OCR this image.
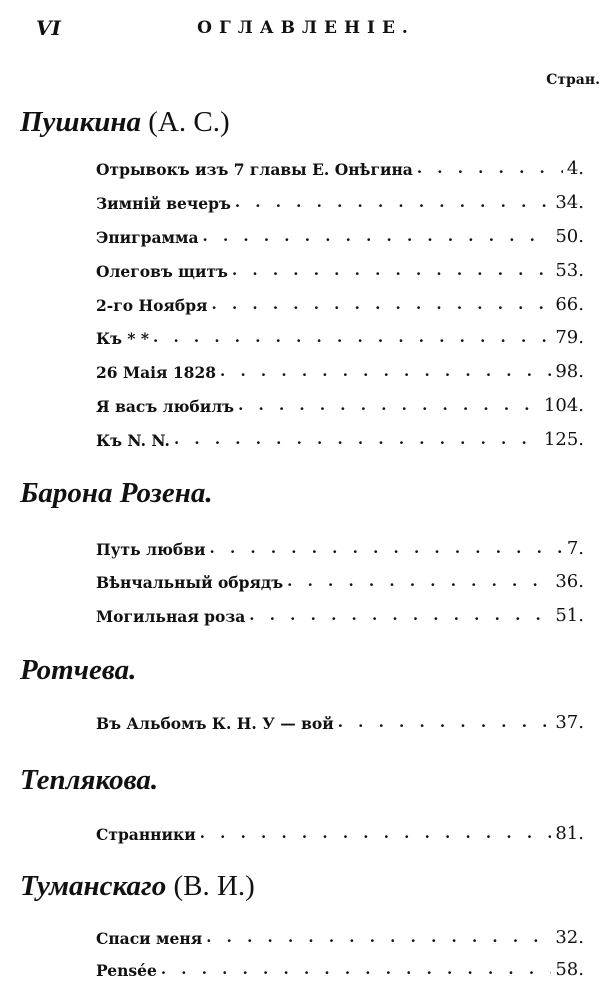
VI	ОГЛАВЛЕНIЕ.
Стран.
Пушкина (А. С.)
Отрывокъ изъ 7 главы Е. Онѣгина . . .	4.
Зимнiй вечеръ . . .	34.
Эпиграмма . . .	50.
Олеговъ щитъ . . .	53.
2-го Ноября . . .	66.
Къ * * . . .	79.
26 Маiя 1828 . . .	98.
Я васъ любилъ . . .	104.
Къ N. N. . . .	125.
Барона Розена.
Путь любви . . .	7.
Вѣнчальный обрядъ . . .	36.
Могильная роза . . .	51.
Ротчева.
Въ Альбомъ К. Н. У — вой . . .	37.
Теплякова.
Странники . . .	81.
Туманскаго (В. И.)
Спаси меня . . .	32.
Pensée . . .	58.
